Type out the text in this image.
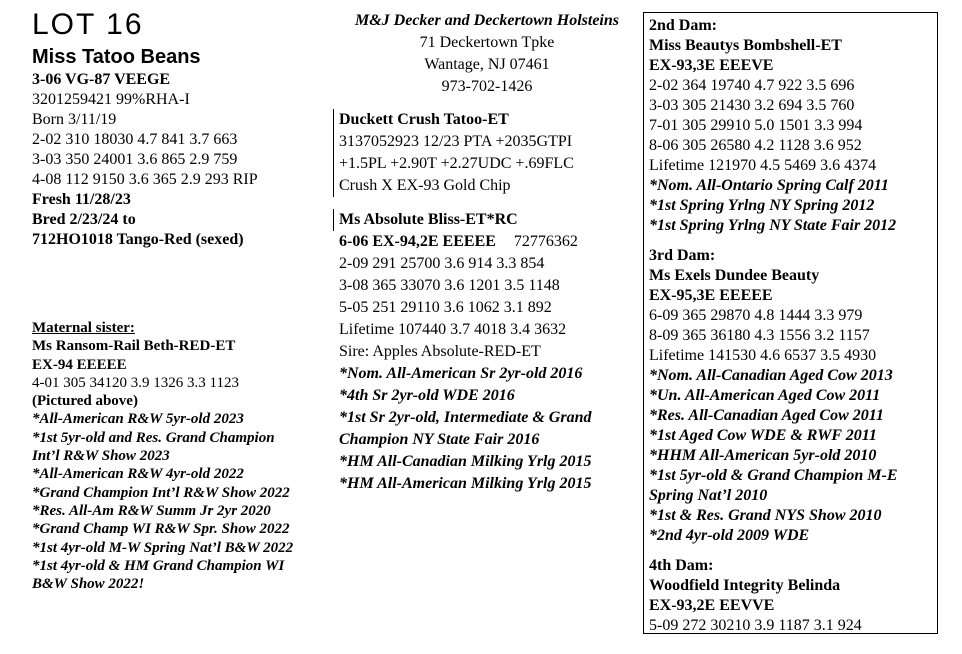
LOT 16
Miss Tatoo Beans
3-06 VG-87 VEEGE
3201259421 99%RHA-I
Born 3/11/19
2-02 310 18030 4.7 841 3.7 663
3-03 350 24001 3.6 865 2.9 759
4-08 112 9150 3.6 365 2.9 293 RIP
Fresh 11/28/23
Bred 2/23/24 to
712HO1018 Tango-Red (sexed)
Maternal sister:
Ms Ransom-Rail Beth-RED-ET
EX-94 EEEEE
4-01 305 34120 3.9 1326 3.3 1123
(Pictured above)
*All-American R&W 5yr-old 2023
*1st 5yr-old and Res. Grand Champion
Int’l R&W Show 2023
*All-American R&W 4yr-old 2022
*Grand Champion Int’l R&W Show 2022
*Res. All-Am R&W Summ Jr 2yr 2020
*Grand Champ WI R&W Spr. Show 2022
*1st 4yr-old M-W Spring Nat’l B&W 2022
*1st 4yr-old & HM Grand Champion WI
B&W Show 2022!
M&J Decker and Deckertown Holsteins
71 Deckertown Tpke
Wantage, NJ 07461
973-702-1426
Duckett Crush Tatoo-ET
3137052923 12/23 PTA +2035GTPI
+1.5PL +2.90T +2.27UDC +.69FLC
Crush X EX-93 Gold Chip
Ms Absolute Bliss-ET*RC
6-06 EX-94,2E EEEEE 72776362
2-09 291 25700 3.6 914 3.3 854
3-08 365 33070 3.6 1201 3.5 1148
5-05 251 29110 3.6 1062 3.1 892
Lifetime 107440 3.7 4018 3.4 3632
Sire: Apples Absolute-RED-ET
*Nom. All-American Sr 2yr-old 2016
*4th Sr 2yr-old WDE 2016
*1st Sr 2yr-old, Intermediate & Grand
Champion NY State Fair 2016
*HM All-Canadian Milking Yrlg 2015
*HM All-American Milking Yrlg 2015
2nd Dam:
Miss Beautys Bombshell-ET
EX-93,3E EEEVE
2-02 364 19740 4.7 922 3.5 696
3-03 305 21430 3.2 694 3.5 760
7-01 305 29910 5.0 1501 3.3 994
8-06 305 26580 4.2 1128 3.6 952
Lifetime 121970 4.5 5469 3.6 4374
*Nom. All-Ontario Spring Calf 2011
*1st Spring Yrlng NY Spring 2012
*1st Spring Yrlng NY State Fair 2012
3rd Dam:
Ms Exels Dundee Beauty
EX-95,3E EEEEE
6-09 365 29870 4.8 1444 3.3 979
8-09 365 36180 4.3 1556 3.2 1157
Lifetime 141530 4.6 6537 3.5 4930
*Nom. All-Canadian Aged Cow 2013
*Un. All-American Aged Cow 2011
*Res. All-Canadian Aged Cow 2011
*1st Aged Cow WDE & RWF 2011
*HHM All-American 5yr-old 2010
*1st 5yr-old & Grand Champion M-E
Spring Nat’l 2010
*1st & Res. Grand NYS Show 2010
*2nd 4yr-old 2009 WDE
4th Dam:
Woodfield Integrity Belinda
EX-93,2E EEVVE
5-09 272 30210 3.9 1187 3.1 924
